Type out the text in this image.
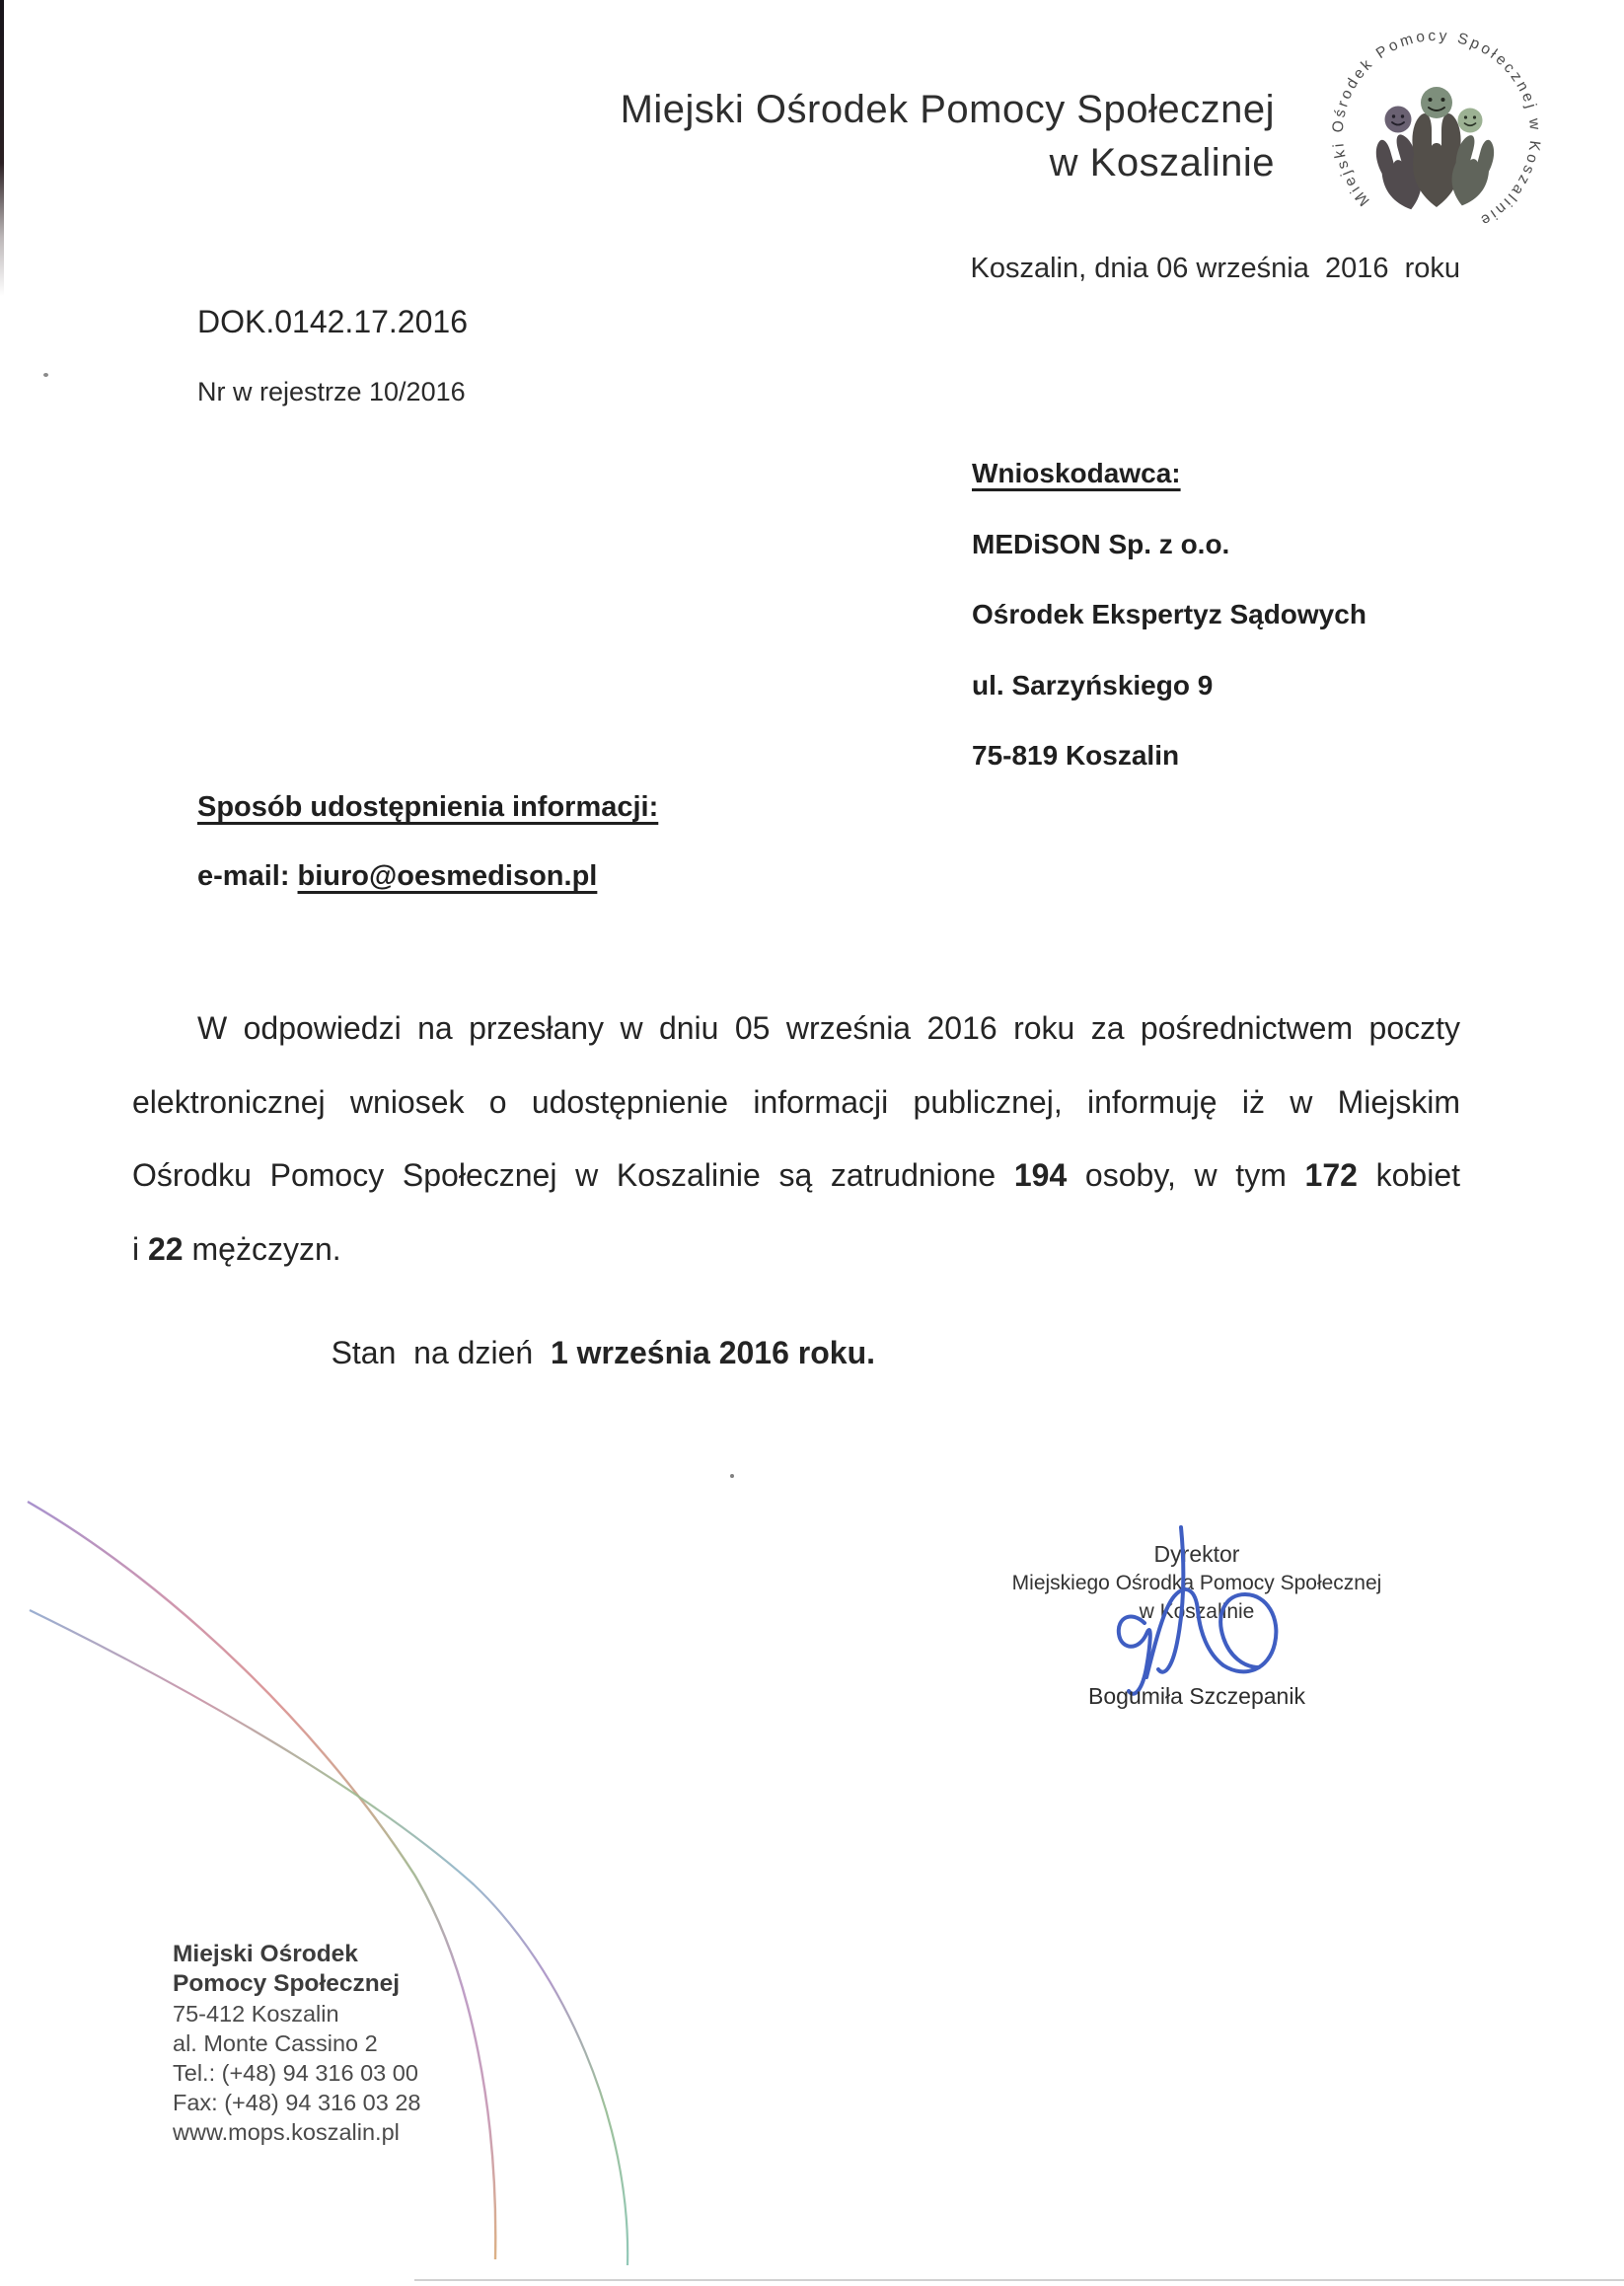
Miejski Ośrodek Pomocy Społecznej
w Koszalinie
Miejski Ośrodek Pomocy Społecznej w Koszalinie
Koszalin, dnia 06 września  2016  roku
DOK.0142.17.2016
Nr w rejestrze 10/2016
Wnioskodawca:
MEDiSON Sp. z o.o.
Ośrodek Ekspertyz Sądowych
ul. Sarzyńskiego 9
75-819 Koszalin
Sposób udostępnienia informacji:
e-mail: biuro@oesmedison.pl
W odpowiedzi na przesłany w dniu 05 września 2016 roku za pośrednictwem poczty
elektronicznej wniosek o udostępnienie informacji publicznej, informuję iż w Miejskim
Ośrodku Pomocy Społecznej w Koszalinie są zatrudnione 194 osoby, w tym 172 kobiet
i 22 mężczyzn.

Stan  na dzień  1 września 2016 roku.

Dyrektor
Miejskiego Ośrodka Pomocy Społecznej
w Koszalinie
Bogumiła Szczepanik
Miejski Ośrodek
Pomocy Społecznej
75-412 Koszalin
al. Monte Cassino 2
Tel.: (+48) 94 316 03 00
Fax: (+48) 94 316 03 28
www.mops.koszalin.pl
